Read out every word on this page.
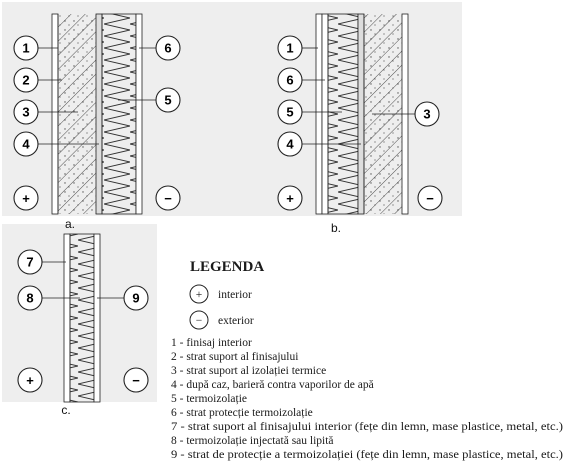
1
2
3
4
6
5
+	−
a.
1
6
5
4
3
+	−
b.
7
8	9
+	−
c.
LEGENDA
+ interior
− exterior
1 - finisaj interior
2 - strat suport al finisajului
3 - strat suport al izolației termice
4 - după caz, barieră contra vaporilor de apă
5 - termoizolație
6 - strat protecție termoizolație
7 - strat suport al finisajului interior (fețe din lemn, mase plastice, metal, etc.)
8 - termoizolație injectată sau lipită
9 - strat de protecție a termoizolației (fețe din lemn, mase plastice, metal, etc.)
